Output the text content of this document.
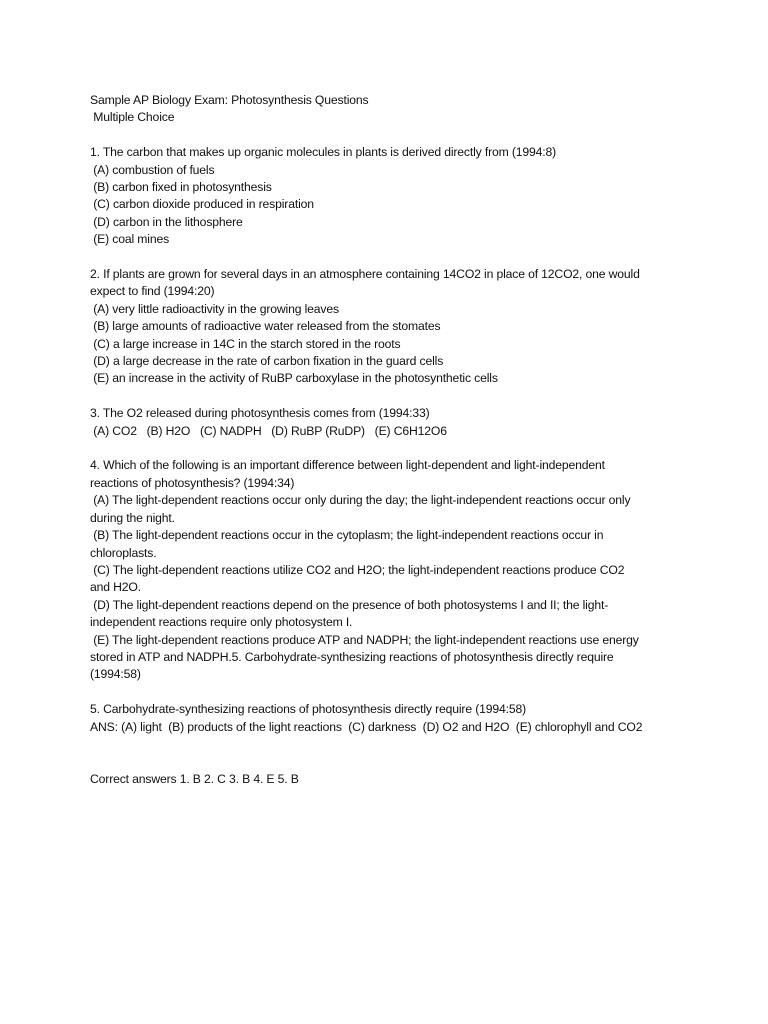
Sample AP Biology Exam: Photosynthesis Questions
Multiple Choice
1. The carbon that makes up organic molecules in plants is derived directly from (1994:8)
(A) combustion of fuels
(B) carbon fixed in photosynthesis
(C) carbon dioxide produced in respiration
(D) carbon in the lithosphere
(E) coal mines
2. If plants are grown for several days in an atmosphere containing 14CO2 in place of 12CO2, one would
expect to find (1994:20)
(A) very little radioactivity in the growing leaves
(B) large amounts of radioactive water released from the stomates
(C) a large increase in 14C in the starch stored in the roots
(D) a large decrease in the rate of carbon fixation in the guard cells
(E) an increase in the activity of RuBP carboxylase in the photosynthetic cells
3. The O2 released during photosynthesis comes from (1994:33)
(A) CO2   (B) H2O   (C) NADPH   (D) RuBP (RuDP)   (E) C6H12O6
4. Which of the following is an important difference between light-dependent and light-independent
reactions of photosynthesis? (1994:34)
(A) The light-dependent reactions occur only during the day; the light-independent reactions occur only
during the night.
(B) The light-dependent reactions occur in the cytoplasm; the light-independent reactions occur in
chloroplasts.
(C) The light-dependent reactions utilize CO2 and H2O; the light-independent reactions produce CO2
and H2O.
(D) The light-dependent reactions depend on the presence of both photosystems I and II; the light-
independent reactions require only photosystem I.
(E) The light-dependent reactions produce ATP and NADPH; the light-independent reactions use energy
stored in ATP and NADPH.5. Carbohydrate-synthesizing reactions of photosynthesis directly require
(1994:58)
5. Carbohydrate-synthesizing reactions of photosynthesis directly require (1994:58)
ANS: (A) light  (B) products of the light reactions  (C) darkness  (D) O2 and H2O  (E) chlorophyll and CO2
Correct answers 1. B 2. C 3. B 4. E 5. B
